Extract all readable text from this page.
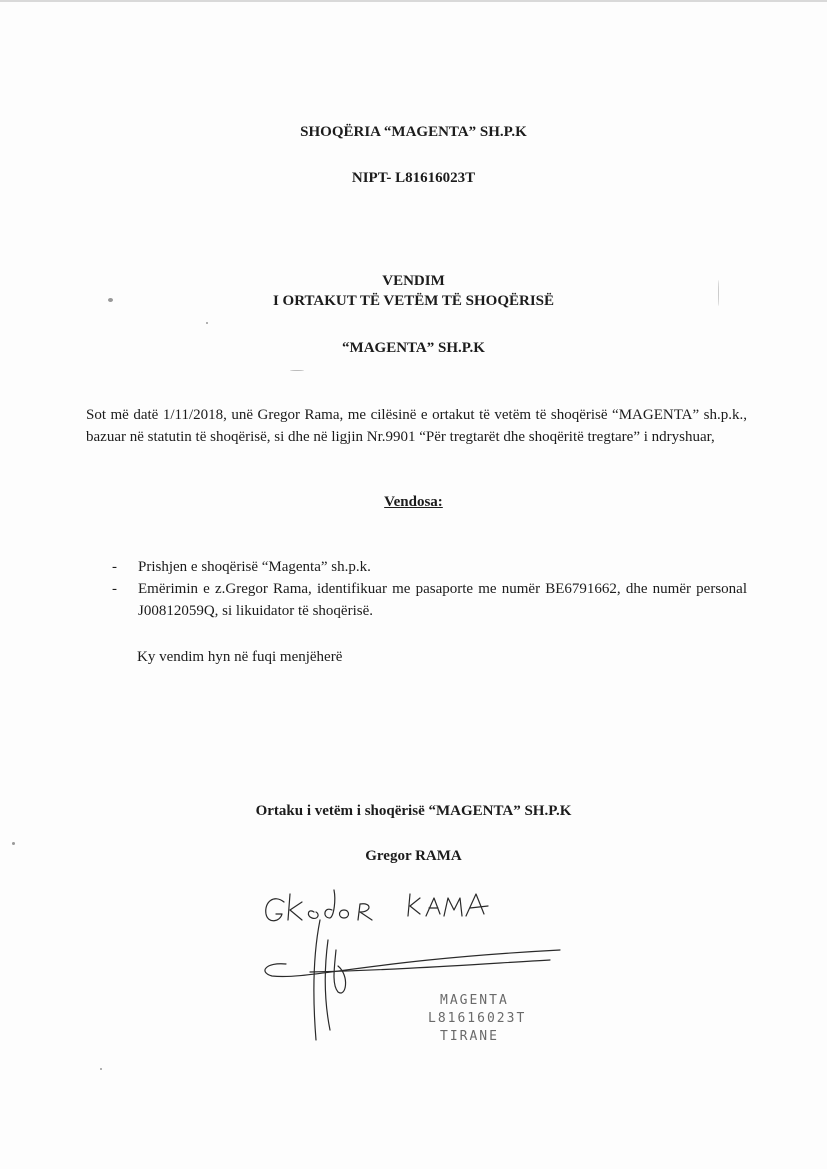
SHOQËRIA “MAGENTA” SH.P.K
NIPT- L81616023T
VENDIM
I ORTAKUT TË VETËM TË SHOQËRISË
“MAGENTA” SH.P.K
Sot më datë 1/11/2018, unë Gregor Rama, me cilësinë e ortakut të vetëm të shoqërisë “MAGENTA” sh.p.k., bazuar në statutin të shoqërisë, si dhe në ligjin Nr.9901 “Për tregtarët dhe shoqëritë tregtare” i ndryshuar,
Vendosa:
- Prishjen e shoqërisë “Magenta” sh.p.k.
- Emërimin e z.Gregor Rama, identifikuar me pasaporte me numër BE6791662, dhe numër personal J00812059Q, si likuidator të shoqërisë.
Ky vendim hyn në fuqi menjëherë
Ortaku i vetëm i shoqërisë “MAGENTA” SH.P.K
Gregor RAMA
MAGENTA
L81616023T
TIRANE
